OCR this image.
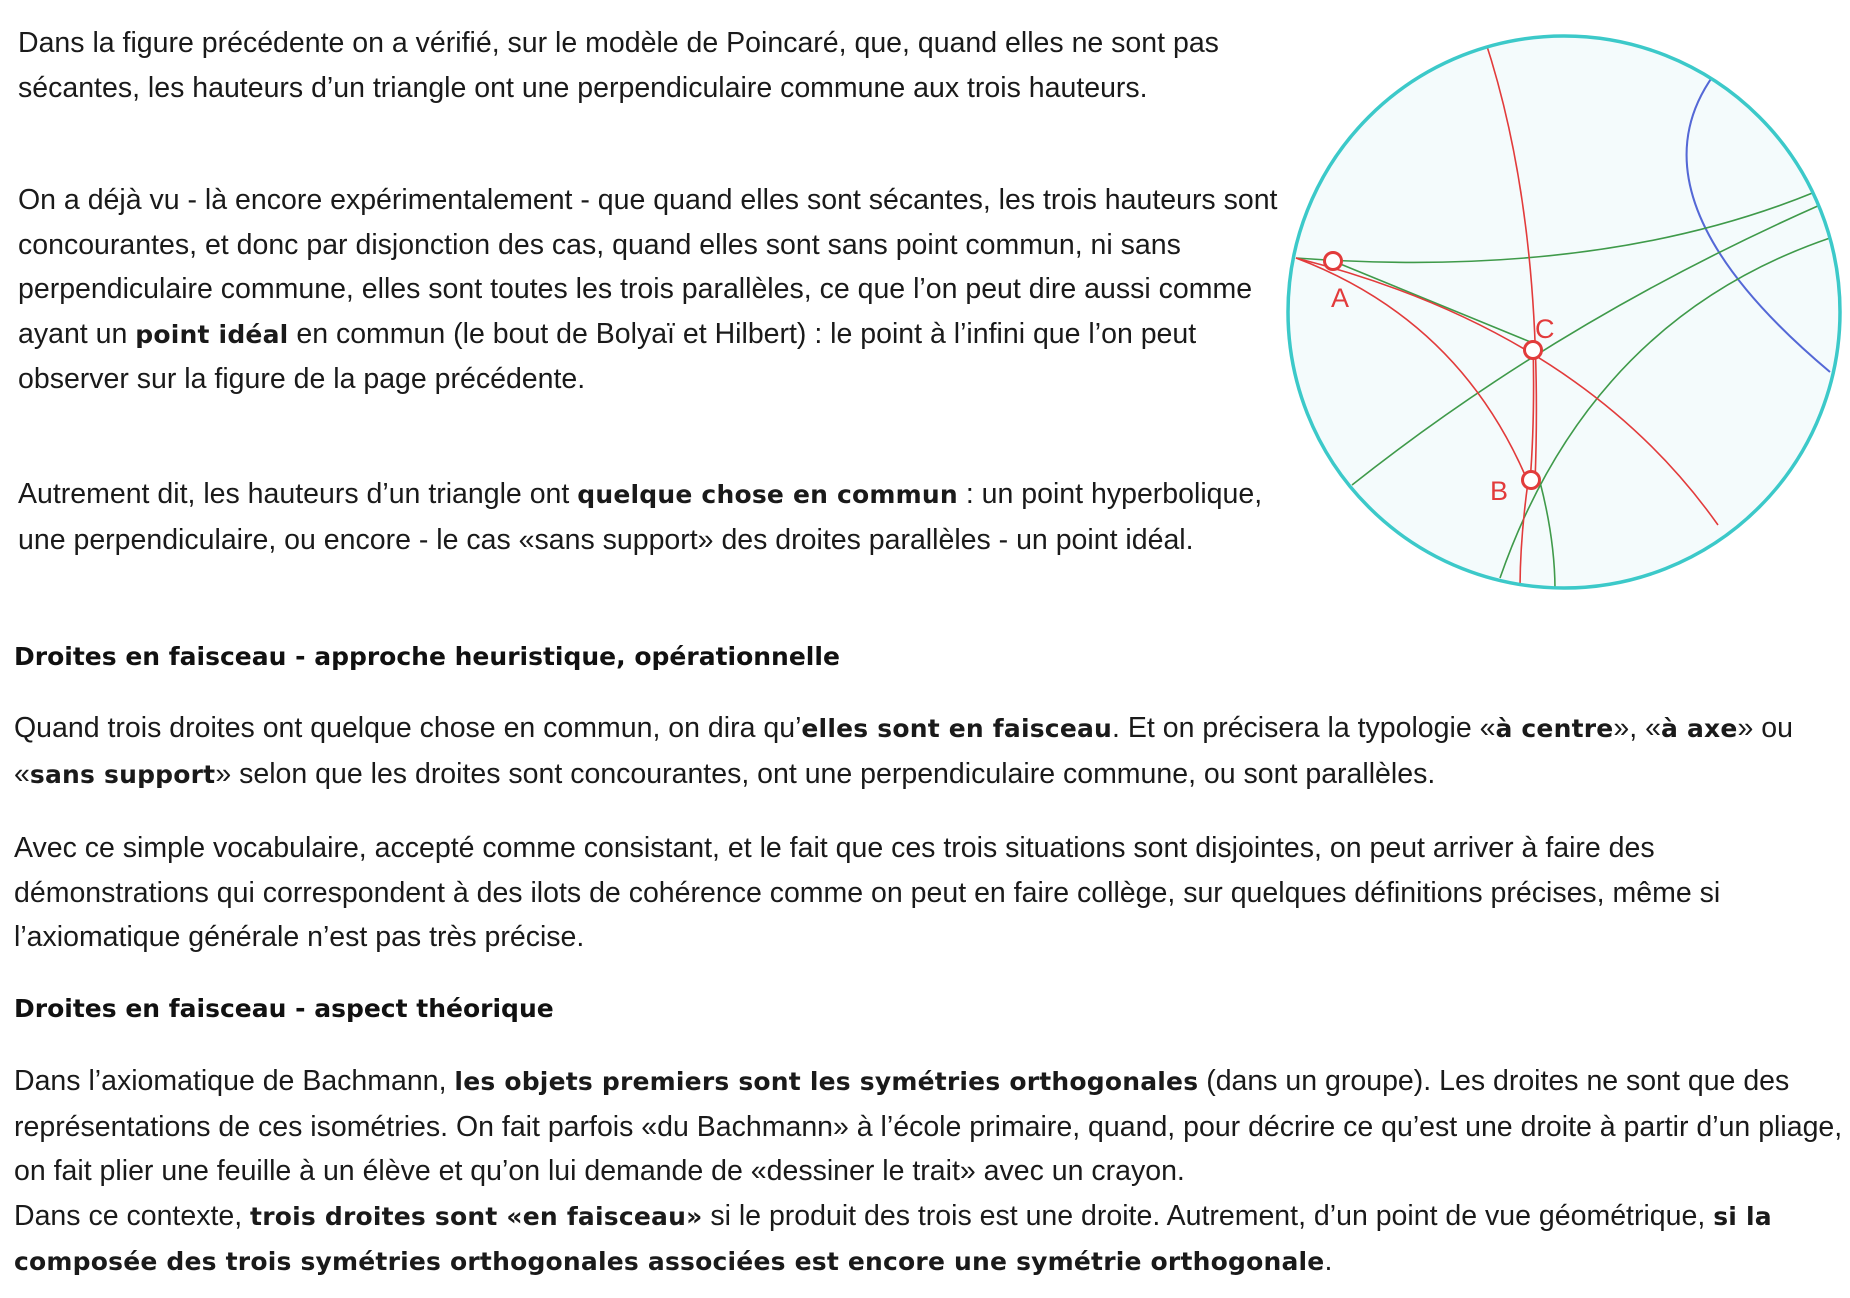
Dans la figure précédente on a vérifié, sur le modèle de Poincaré, que, quand elles ne sont pas sécantes, les hauteurs d’un triangle ont une perpendiculaire commune aux trois hauteurs.

On a déjà vu - là encore expérimentalement - que quand elles sont sécantes, les trois hauteurs sont concourantes, et donc par disjonction des cas, quand elles sont sans point commun, ni sans perpendiculaire commune, elles sont toutes les trois parallèles, ce que l’on peut dire aussi comme ayant un point idéal en commun (le bout de Bolyaï et Hilbert) : le point à l’infini que l’on peut observer sur la figure de la page précédente.

Autrement dit, les hauteurs d’un triangle ont quelque chose en commun : un point hyperbolique, une perpendiculaire, ou encore - le cas «sans support» des droites parallèles - un point idéal.

Droites en faisceau - approche heuristique, opérationnelle

Quand trois droites ont quelque chose en commun, on dira qu’elles sont en faisceau. Et on précisera la typologie «à centre», «à axe» ou «sans support» selon que les droites sont concourantes, ont une perpendiculaire commune, ou sont parallèles.

Avec ce simple vocabulaire, accepté comme consistant, et le fait que ces trois situations sont disjointes, on peut arriver à faire des démonstrations qui correspondent à des ilots de cohérence comme on peut en faire collège, sur quelques définitions précises, même si l’axiomatique générale n’est pas très précise.

Droites en faisceau - aspect théorique

Dans l’axiomatique de Bachmann, les objets premiers sont les symétries orthogonales (dans un groupe). Les droites ne sont que des représentations de ces isométries. On fait parfois «du Bachmann» à l’école primaire, quand, pour décrire ce qu’est une droite à partir d’un pliage, on fait plier une feuille à un élève et qu’on lui demande de «dessiner le trait» avec un crayon.
Dans ce contexte, trois droites sont «en faisceau» si le produit des trois est une droite. Autrement, d’un point de vue géométrique, si la composée des trois symétries orthogonales associées est encore une symétrie orthogonale.

A
C
B
